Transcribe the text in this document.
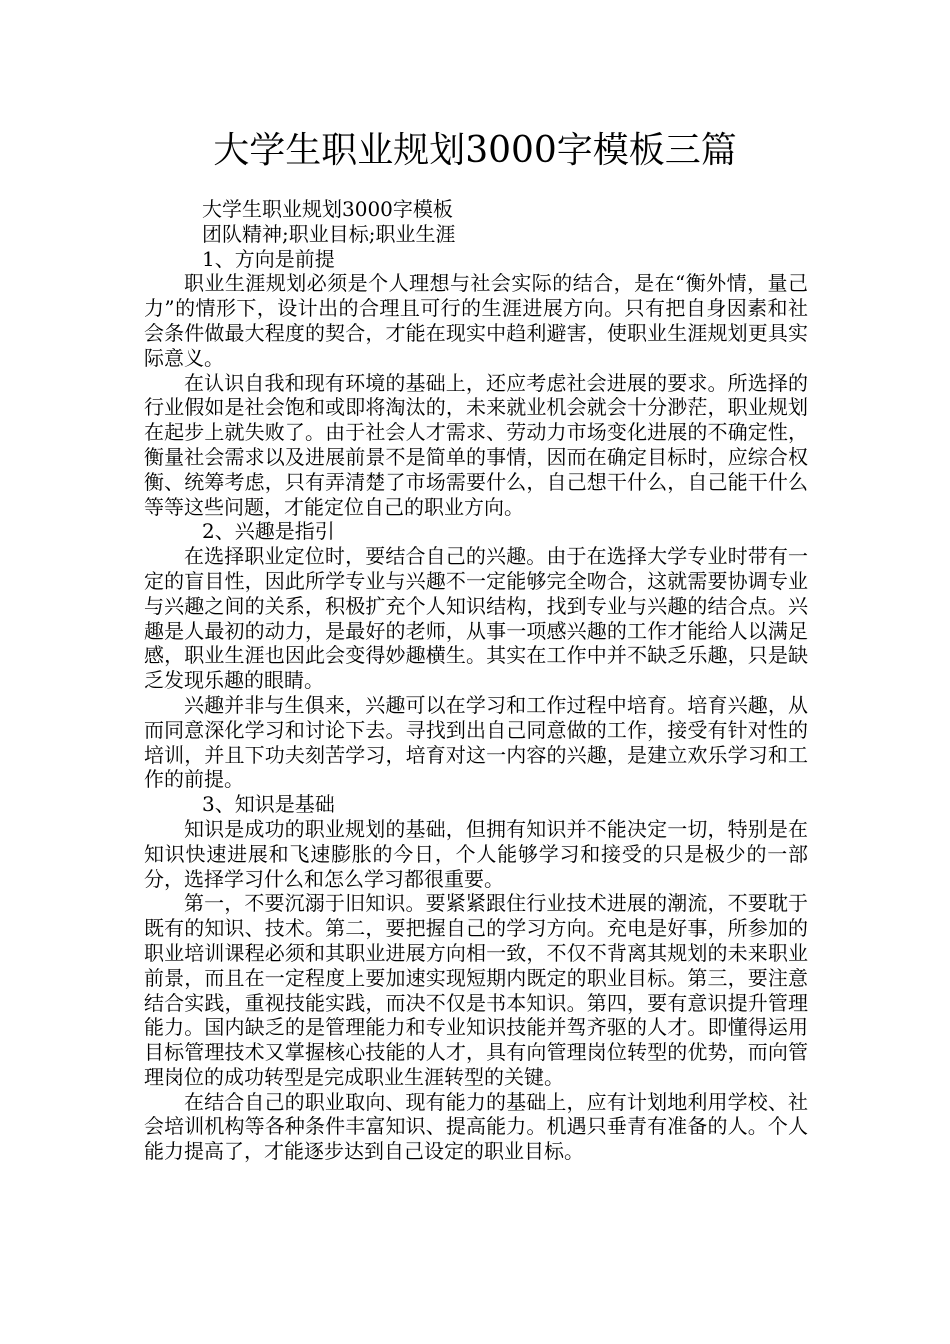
大学生职业规划3000字模板三篇

大学生职业规划3000字模板

团队精神;职业目标;职业生涯

1、方向是前提

职业生涯规划必须是个人理想与社会实际的结合，是在“衡外情，量己力”的情形下，设计出的合理且可行的生涯进展方向。只有把自身因素和社会条件做最大程度的契合，才能在现实中趋利避害，使职业生涯规划更具实际意义。

在认识自我和现有环境的基础上，还应考虑社会进展的要求。所选择的行业假如是社会饱和或即将淘汰的，未来就业机会就会十分渺茫，职业规划在起步上就失败了。由于社会人才需求、劳动力市场变化进展的不确定性，衡量社会需求以及进展前景不是简单的事情，因而在确定目标时，应综合权衡、统筹考虑，只有弄清楚了市场需要什么，自己想干什么，自己能干什么等等这些问题，才能定位自己的职业方向。

2、兴趣是指引

在选择职业定位时，要结合自己的兴趣。由于在选择大学专业时带有一定的盲目性，因此所学专业与兴趣不一定能够完全吻合，这就需要协调专业与兴趣之间的关系，积极扩充个人知识结构，找到专业与兴趣的结合点。兴趣是人最初的动力，是最好的老师，从事一项感兴趣的工作才能给人以满足感，职业生涯也因此会变得妙趣横生。其实在工作中并不缺乏乐趣，只是缺乏发现乐趣的眼睛。

兴趣并非与生俱来，兴趣可以在学习和工作过程中培育。培育兴趣，从而同意深化学习和讨论下去。寻找到出自己同意做的工作，接受有针对性的培训，并且下功夫刻苦学习，培育对这一内容的兴趣，是建立欢乐学习和工作的前提。

3、知识是基础

知识是成功的职业规划的基础，但拥有知识并不能决定一切，特别是在知识快速进展和飞速膨胀的今日，个人能够学习和接受的只是极少的一部分，选择学习什么和怎么学习都很重要。

第一，不要沉溺于旧知识。要紧紧跟住行业技术进展的潮流，不要耽于既有的知识、技术。第二，要把握自己的学习方向。充电是好事，所参加的职业培训课程必须和其职业进展方向相一致，不仅不背离其规划的未来职业前景，而且在一定程度上要加速实现短期内既定的职业目标。第三，要注意结合实践，重视技能实践，而决不仅是书本知识。第四，要有意识提升管理能力。国内缺乏的是管理能力和专业知识技能并驾齐驱的人才。即懂得运用目标管理技术又掌握核心技能的人才，具有向管理岗位转型的优势，而向管理岗位的成功转型是完成职业生涯转型的关键。

在结合自己的职业取向、现有能力的基础上，应有计划地利用学校、社会培训机构等各种条件丰富知识、提高能力。机遇只垂青有准备的人。个人能力提高了，才能逐步达到自己设定的职业目标。
